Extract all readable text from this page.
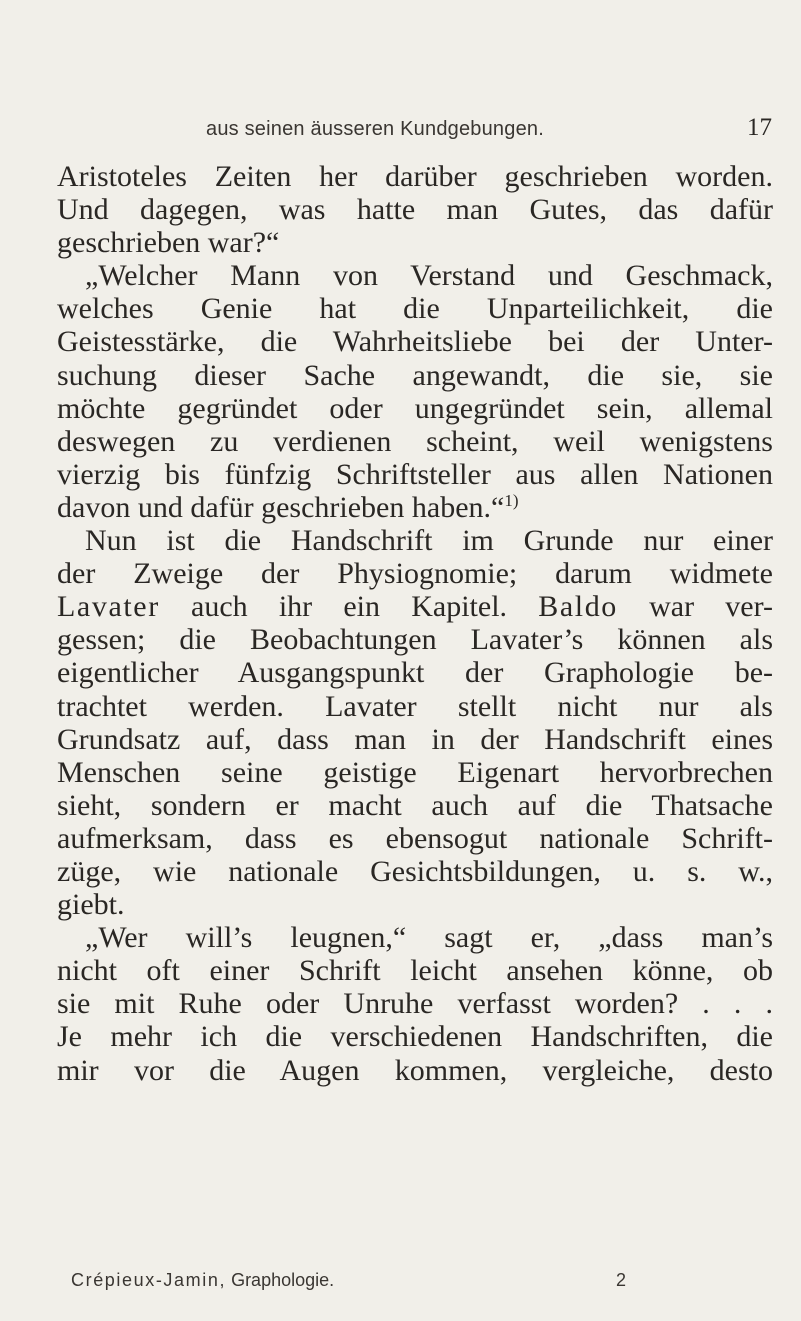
aus seinen äusseren Kundgebungen.	17
Aristoteles Zeiten her darüber geschrieben worden.
Und dagegen, was hatte man Gutes, das dafür
geschrieben war?“
„Welcher Mann von Verstand und Geschmack,
welches Genie hat die Unparteilichkeit, die
Geistesstärke, die Wahrheitsliebe bei der Unter-
suchung dieser Sache angewandt, die sie, sie
möchte gegründet oder ungegründet sein, allemal
deswegen zu verdienen scheint, weil wenigstens
vierzig bis fünfzig Schriftsteller aus allen Nationen
davon und dafür geschrieben haben.“$^{1)}$
Nun ist die Handschrift im Grunde nur einer
der Zweige der Physiognomie; darum widmete
Lavater auch ihr ein Kapitel. Baldo war ver-
gessen; die Beobachtungen Lavater’s können als
eigentlicher Ausgangspunkt der Graphologie be-
trachtet werden. Lavater stellt nicht nur als
Grundsatz auf, dass man in der Handschrift eines
Menschen seine geistige Eigenart hervorbrechen
sieht, sondern er macht auch auf die Thatsache
aufmerksam, dass es ebensogut nationale Schrift-
züge, wie nationale Gesichtsbildungen, u. s. w.,
giebt.
„Wer will’s leugnen,“ sagt er, „dass man’s
nicht oft einer Schrift leicht ansehen könne, ob
sie mit Ruhe oder Unruhe verfasst worden? . . .
Je mehr ich die verschiedenen Handschriften, die
mir vor die Augen kommen, vergleiche, desto
Crépieux-Jamin, Graphologie.	2
